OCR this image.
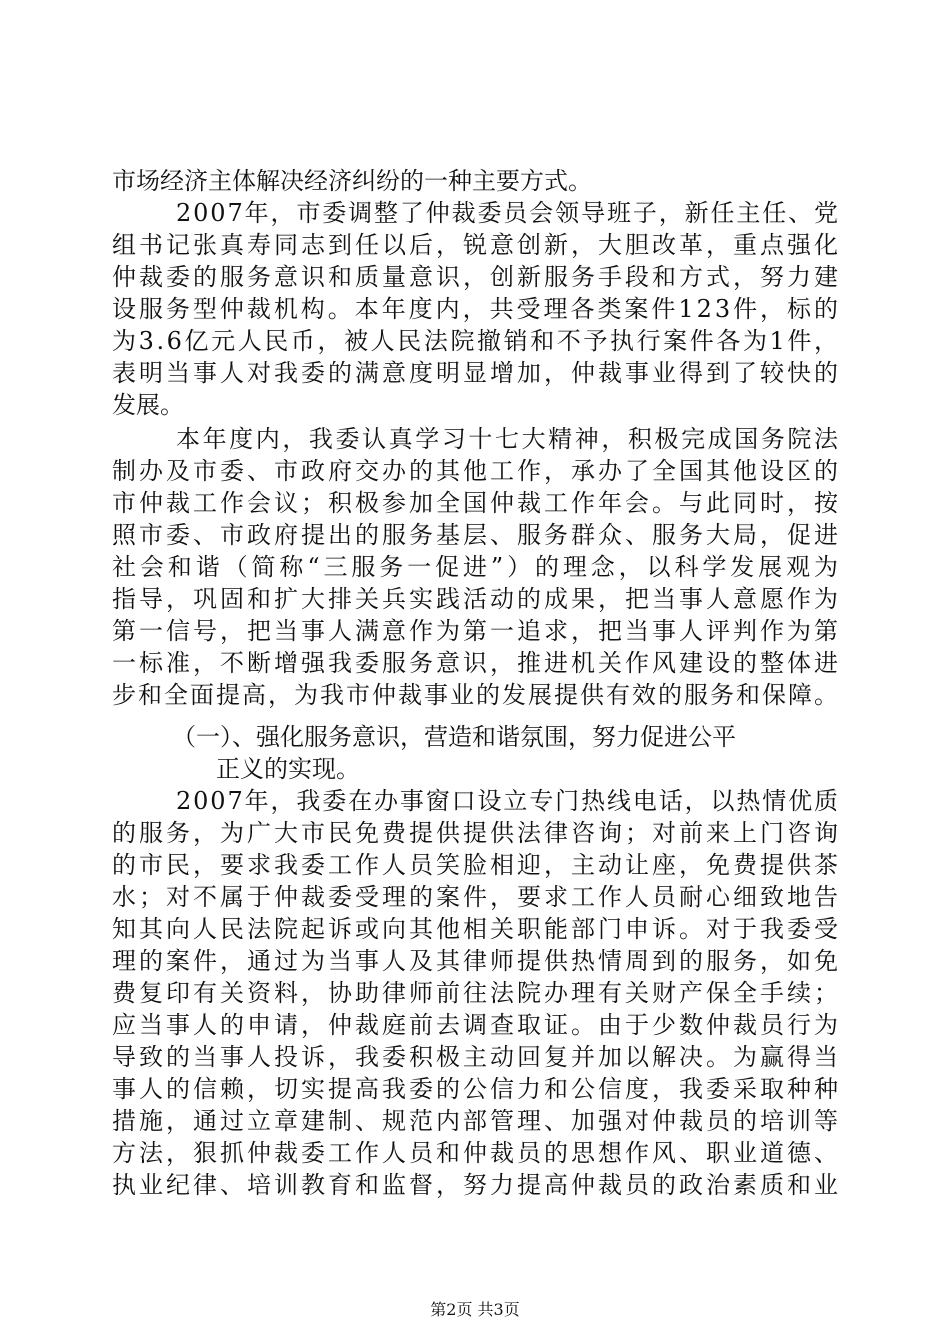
市场经济主体解决经济纠纷的一种主要方式。
2007年，市委调整了仲裁委员会领导班子，新任主任、党
组书记张真寿同志到任以后，锐意创新，大胆改革，重点强化
仲裁委的服务意识和质量意识，创新服务手段和方式，努力建
设服务型仲裁机构。本年度内，共受理各类案件123件，标的
为3.6亿元人民币，被人民法院撤销和不予执行案件各为1件，
表明当事人对我委的满意度明显增加，仲裁事业得到了较快的
发展。
本年度内，我委认真学习十七大精神，积极完成国务院法
制办及市委、市政府交办的其他工作，承办了全国其他设区的
市仲裁工作会议；积极参加全国仲裁工作年会。与此同时，按
照市委、市政府提出的服务基层、服务群众、服务大局，促进
社会和谐（简称“三服务一促进”）的理念，以科学发展观为
指导，巩固和扩大排关兵实践活动的成果，把当事人意愿作为
第一信号，把当事人满意作为第一追求，把当事人评判作为第
一标准，不断增强我委服务意识，推进机关作风建设的整体进
步和全面提高，为我市仲裁事业的发展提供有效的服务和保障。
（一）、强化服务意识，营造和谐氛围，努力促进公平
正义的实现。
2007年，我委在办事窗口设立专门热线电话，以热情优质
的服务，为广大市民免费提供提供法律咨询；对前来上门咨询
的市民，要求我委工作人员笑脸相迎，主动让座，免费提供茶
水；对不属于仲裁委受理的案件，要求工作人员耐心细致地告
知其向人民法院起诉或向其他相关职能部门申诉。对于我委受
理的案件，通过为当事人及其律师提供热情周到的服务，如免
费复印有关资料，协助律师前往法院办理有关财产保全手续；
应当事人的申请，仲裁庭前去调查取证。由于少数仲裁员行为
导致的当事人投诉，我委积极主动回复并加以解决。为赢得当
事人的信赖，切实提高我委的公信力和公信度，我委采取种种
措施，通过立章建制、规范内部管理、加强对仲裁员的培训等
方法，狠抓仲裁委工作人员和仲裁员的思想作风、职业道德、
执业纪律、培训教育和监督，努力提高仲裁员的政治素质和业
第2页 共3页
